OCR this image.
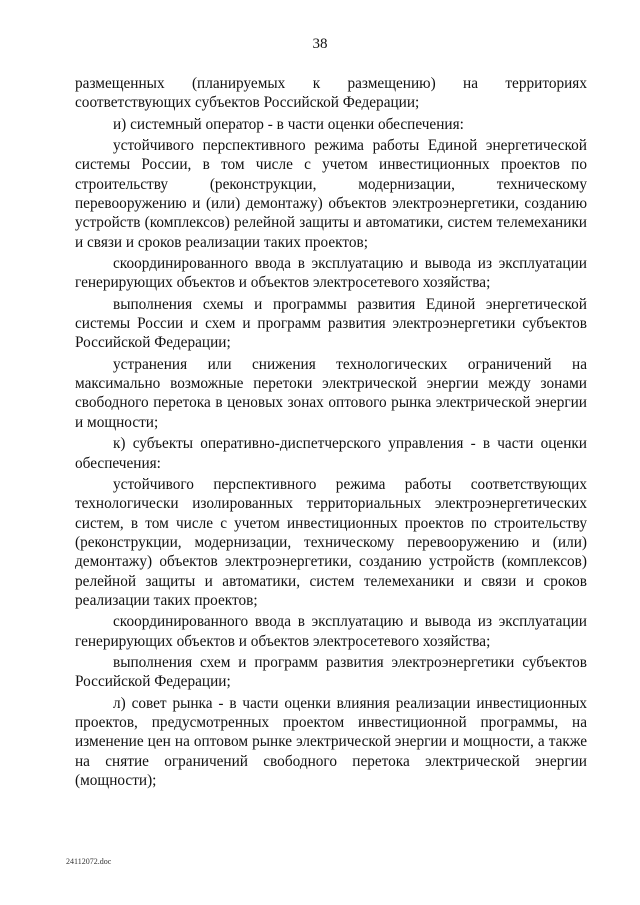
38

размещенных (планируемых к размещению) на территориях соответствующих субъектов Российской Федерации;

и) системный оператор - в части оценки обеспечения:

устойчивого перспективного режима работы Единой энергетической системы России, в том числе с учетом инвестиционных проектов по строительству (реконструкции, модернизации, техническому перевооружению и (или) демонтажу) объектов электроэнергетики, созданию устройств (комплексов) релейной защиты и автоматики, систем телемеханики и связи и сроков реализации таких проектов;

скоординированного ввода в эксплуатацию и вывода из эксплуатации генерирующих объектов и объектов электросетевого хозяйства;

выполнения схемы и программы развития Единой энергетической системы России и схем и программ развития электроэнергетики субъектов Российской Федерации;

устранения или снижения технологических ограничений на максимально возможные перетоки электрической энергии между зонами свободного перетока в ценовых зонах оптового рынка электрической энергии и мощности;

к) субъекты оперативно-диспетчерского управления - в части оценки обеспечения:

устойчивого перспективного режима работы соответствующих технологически изолированных территориальных электроэнергетических систем, в том числе с учетом инвестиционных проектов по строительству (реконструкции, модернизации, техническому перевооружению и (или) демонтажу) объектов электроэнергетики, созданию устройств (комплексов) релейной защиты и автоматики, систем телемеханики и связи и сроков реализации таких проектов;

скоординированного ввода в эксплуатацию и вывода из эксплуатации генерирующих объектов и объектов электросетевого хозяйства;

выполнения схем и программ развития электроэнергетики субъектов Российской Федерации;

л) совет рынка - в части оценки влияния реализации инвестиционных проектов, предусмотренных проектом инвестиционной программы, на изменение цен на оптовом рынке электрической энергии и мощности, а также на снятие ограничений свободного перетока электрической энергии (мощности);

24112072.doc
